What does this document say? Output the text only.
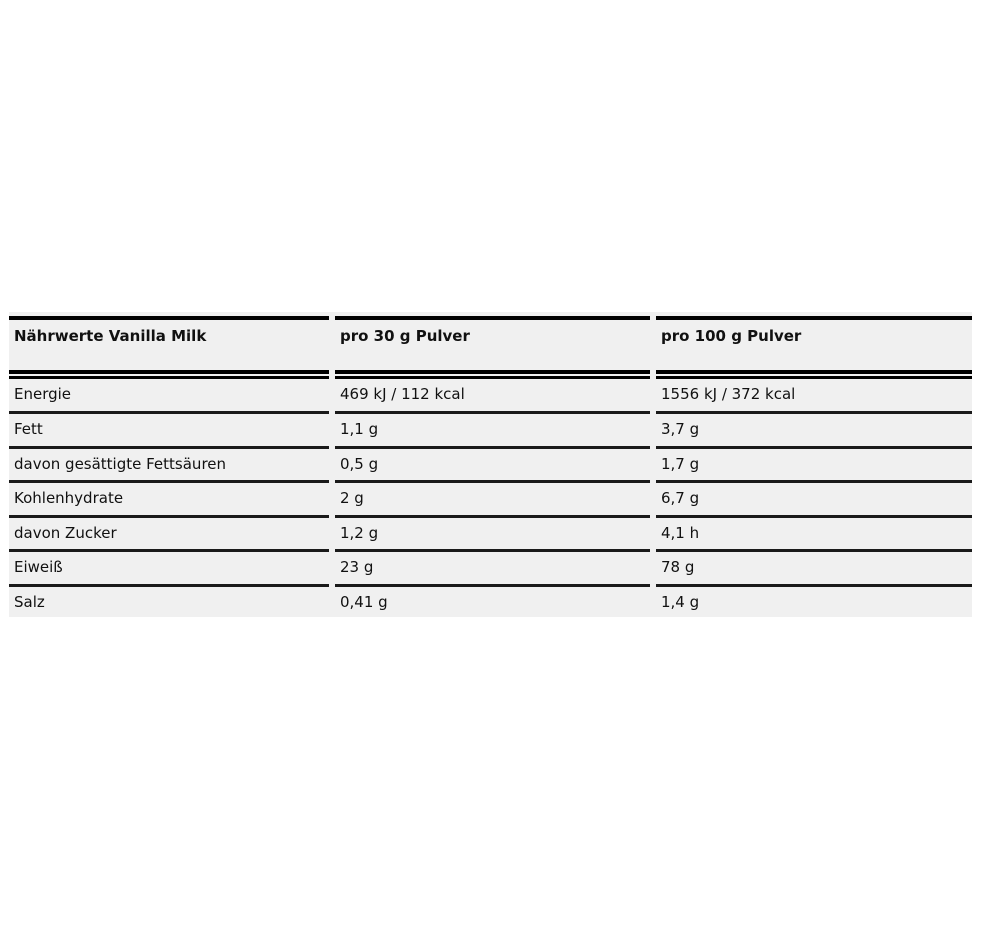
Nährwerte Vanilla Milk	pro 30 g Pulver	pro 100 g Pulver
Energie	469 kJ / 112 kcal	1556 kJ / 372 kcal
Fett	1,1 g	3,7 g
davon gesättigte Fettsäuren	0,5 g	1,7 g
Kohlenhydrate	2 g	6,7 g
davon Zucker	1,2 g	4,1 h
Eiweiß	23 g	78 g
Salz	0,41 g	1,4 g
